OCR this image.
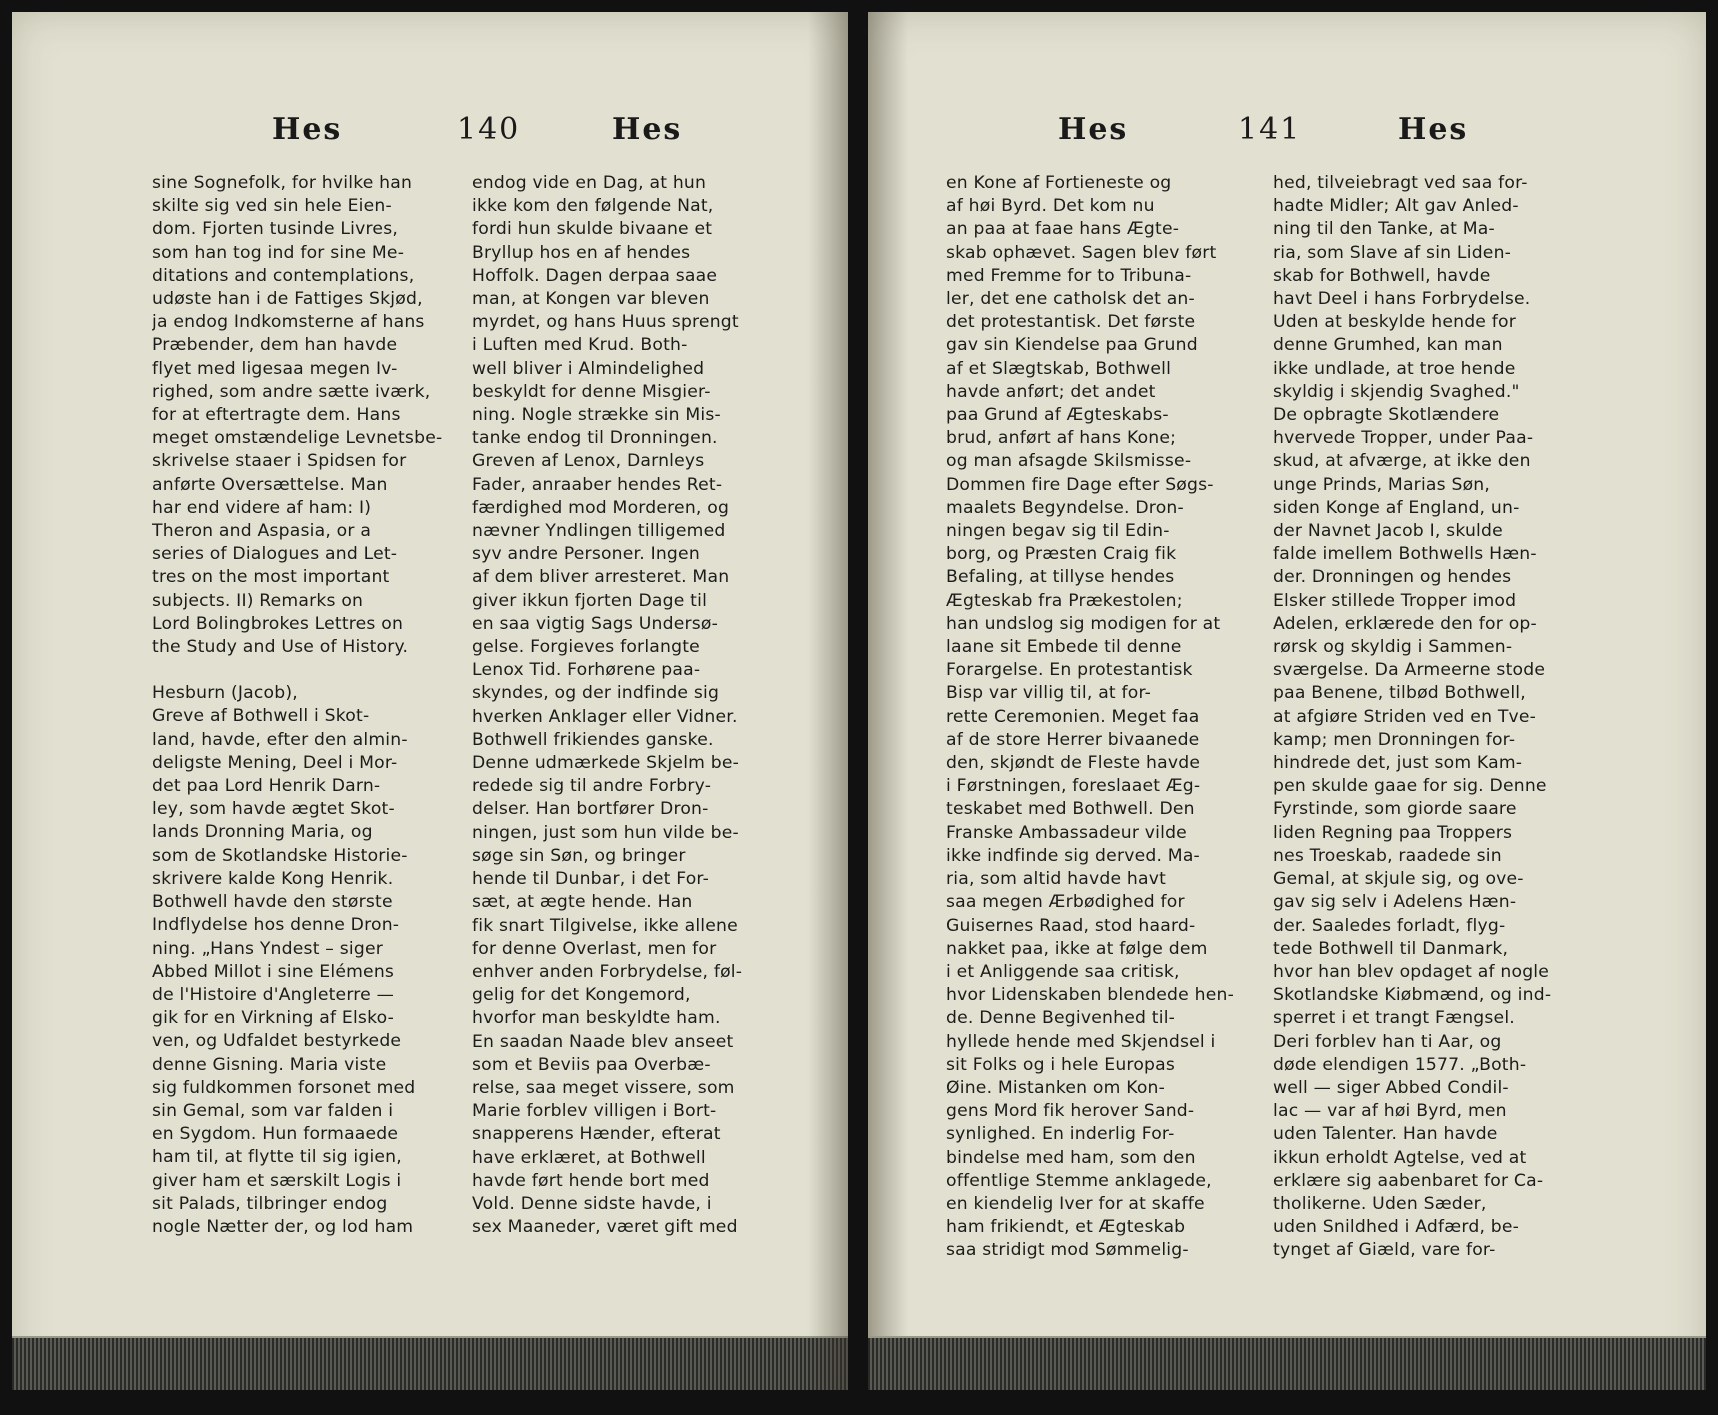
Hes	140	Hes
sine Sognefolk, for hvilke han
skilte sig ved sin hele Eien-
dom. Fjorten tusinde Livres,
som han tog ind for sine Me-
ditations and contemplations,
udøste han i de Fattiges Skjød,
ja endog Indkomsterne af hans
Præbender, dem han havde
flyet med ligesaa megen Iv-
righed, som andre sætte iværk,
for at eftertragte dem. Hans
meget omstændelige Levnetsbe-
skrivelse staaer i Spidsen for
anførte Oversættelse. Man
har end videre af ham: I)
Theron and Aspasia, or a
series of Dialogues and Let-
tres on the most important
subjects. II) Remarks on
Lord Bolingbrokes Lettres on
the Study and Use of History.
Hesburn (Jacob),
Greve af Bothwell i Skot-
land, havde, efter den almin-
deligste Mening, Deel i Mor-
det paa Lord Henrik Darn-
ley, som havde ægtet Skot-
lands Dronning Maria, og
som de Skotlandske Historie-
skrivere kalde Kong Henrik.
Bothwell havde den største
Indflydelse hos denne Dron-
ning. „Hans Yndest – siger
Abbed Millot i sine Elémens
de l'Histoire d'Angleterre —
gik for en Virkning af Elsko-
ven, og Udfaldet bestyrkede
denne Gisning. Maria viste
sig fuldkommen forsonet med
sin Gemal, som var falden i
en Sygdom. Hun formaaede
ham til, at flytte til sig igien,
giver ham et særskilt Logis i
sit Palads, tilbringer endog
nogle Nætter der, og lod ham
endog vide en Dag, at hun
ikke kom den følgende Nat,
fordi hun skulde bivaane et
Bryllup hos en af hendes
Hoffolk. Dagen derpaa saae
man, at Kongen var bleven
myrdet, og hans Huus sprengt
i Luften med Krud. Both-
well bliver i Almindelighed
beskyldt for denne Misgier-
ning. Nogle strække sin Mis-
tanke endog til Dronningen.
Greven af Lenox, Darnleys
Fader, anraaber hendes Ret-
færdighed mod Morderen, og
nævner Yndlingen tilligemed
syv andre Personer. Ingen
af dem bliver arresteret. Man
giver ikkun fjorten Dage til
en saa vigtig Sags Undersø-
gelse. Forgieves forlangte
Lenox Tid. Forhørene paa-
skyndes, og der indfinde sig
hverken Anklager eller Vidner.
Bothwell frikiendes ganske.
Denne udmærkede Skjelm be-
redede sig til andre Forbry-
delser. Han bortfører Dron-
ningen, just som hun vilde be-
søge sin Søn, og bringer
hende til Dunbar, i det For-
sæt, at ægte hende. Han
fik snart Tilgivelse, ikke allene
for denne Overlast, men for
enhver anden Forbrydelse, føl-
gelig for det Kongemord,
hvorfor man beskyldte ham.
En saadan Naade blev anseet
som et Beviis paa Overbæ-
relse, saa meget vissere, som
Marie forblev villigen i Bort-
snapperens Hænder, efterat
have erklæret, at Bothwell
havde ført hende bort med
Vold. Denne sidste havde, i
sex Maaneder, været gift med
Hes	141	Hes
en Kone af Fortieneste og
af høi Byrd. Det kom nu
an paa at faae hans Ægte-
skab ophævet. Sagen blev ført
med Fremme for to Tribuna-
ler, det ene catholsk det an-
det protestantisk. Det første
gav sin Kiendelse paa Grund
af et Slægtskab, Bothwell
havde anført; det andet
paa Grund af Ægteskabs-
brud, anført af hans Kone;
og man afsagde Skilsmisse-
Dommen fire Dage efter Søgs-
maalets Begyndelse. Dron-
ningen begav sig til Edin-
borg, og Præsten Craig fik
Befaling, at tillyse hendes
Ægteskab fra Prækestolen;
han undslog sig modigen for at
laane sit Embede til denne
Forargelse. En protestantisk
Bisp var villig til, at for-
rette Ceremonien. Meget faa
af de store Herrer bivaanede
den, skjøndt de Fleste havde
i Førstningen, foreslaaet Æg-
teskabet med Bothwell. Den
Franske Ambassadeur vilde
ikke indfinde sig derved. Ma-
ria, som altid havde havt
saa megen Ærbødighed for
Guisernes Raad, stod haard-
nakket paa, ikke at følge dem
i et Anliggende saa critisk,
hvor Lidenskaben blendede hen-
de. Denne Begivenhed til-
hyllede hende med Skjendsel i
sit Folks og i hele Europas
Øine. Mistanken om Kon-
gens Mord fik herover Sand-
synlighed. En inderlig For-
bindelse med ham, som den
offentlige Stemme anklagede,
en kiendelig Iver for at skaffe
ham frikiendt, et Ægteskab
saa stridigt mod Sømmelig-
hed, tilveiebragt ved saa for-
hadte Midler; Alt gav Anled-
ning til den Tanke, at Ma-
ria, som Slave af sin Liden-
skab for Bothwell, havde
havt Deel i hans Forbrydelse.
Uden at beskylde hende for
denne Grumhed, kan man
ikke undlade, at troe hende
skyldig i skjendig Svaghed."
De opbragte Skotlændere
hvervede Tropper, under Paa-
skud, at afværge, at ikke den
unge Prinds, Marias Søn,
siden Konge af England, un-
der Navnet Jacob I, skulde
falde imellem Bothwells Hæn-
der. Dronningen og hendes
Elsker stillede Tropper imod
Adelen, erklærede den for op-
rørsk og skyldig i Sammen-
sværgelse. Da Armeerne stode
paa Benene, tilbød Bothwell,
at afgiøre Striden ved en Tve-
kamp; men Dronningen for-
hindrede det, just som Kam-
pen skulde gaae for sig. Denne
Fyrstinde, som giorde saare
liden Regning paa Troppers
nes Troeskab, raadede sin
Gemal, at skjule sig, og ove-
gav sig selv i Adelens Hæn-
der. Saaledes forladt, flyg-
tede Bothwell til Danmark,
hvor han blev opdaget af nogle
Skotlandske Kiøbmænd, og ind-
sperret i et trangt Fængsel.
Deri forblev han ti Aar, og
døde elendigen 1577. „Both-
well — siger Abbed Condil-
lac — var af høi Byrd, men
uden Talenter. Han havde
ikkun erholdt Agtelse, ved at
erklære sig aabenbaret for Ca-
tholikerne. Uden Sæder,
uden Snildhed i Adfærd, be-
tynget af Giæld, vare for-
